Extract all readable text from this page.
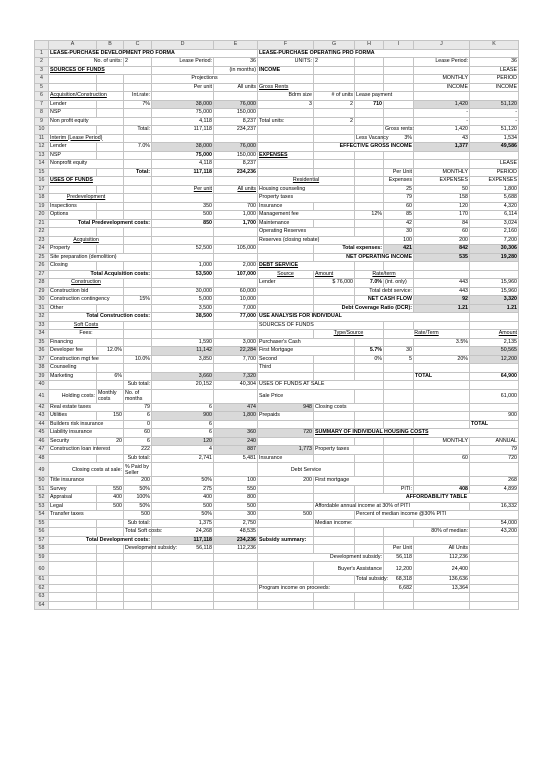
	A	B	C	D	E	F	G	H	I	J	K	
1	LEASE-PURCHASE DEVELOPMENT PRO FORMA					LEASE-PURCHASE OPERATING PRO FORMA						
2	No. of units:		2	Lease Period:	36	UNITS:	2			Lease Period:	36	
3	SOURCES OF FUNDS				(in months)	INCOME					LEASE	
4				Projections						MONTHLY	PERIOD	
5				Per unit	All units	Gross Rents				INCOME	INCOME	
6	Acquisition/Construction		Int.rate:			Bdrm size	# of units	Lease payment				
7	Lender		7%	38,000	76,000	3	2	710		1,420	51,120	
8	NSP			75,000	150,000					-	-	
9	Non profit equity			4,118	8,237	Total units:	2			-	-	
10			Total:	117,118	234,237				Gross rents:	1,420	51,120	
11	Interim (Lease Period)							Less Vacancy	3%	43	1,534	
12	Lender		7.0%	38,000	76,000		EFFECTIVE GROSS INCOME			1,377	49,586	
13	NSP			75,000	150,000	EXPENSES						
14	Nonprofit equity			4,118	8,237						LEASE	
15			Total:	117,118	234,236				Per Unit	MONTHLY	PERIOD	
16	USES OF FUNDS					Residential			Expenses	EXPENSES	EXPENSES	
17				Per unit	All units	Housing counseling			25	50	1,800	
18	Predevelopment					Property taxes			79	158	5,688	
19	Inspections			350	700	Insurance			60	120	4,320	
20	Options			500	1,000	Management fee		12%	85	170	6,114	
21	Total Predevelopment costs:			850	1,700	Maintenance			42	84	3,024	
22						Operating Reserves			30	60	2,160	
23	Acquisition					Reserves (closing rebate)			100	200	7,200	
24	Property			52,500	105,000		Total expenses:		421	842	30,306	
25	Site preparation (demolition)						NET OPERATING INCOME			535	19,280	
26	Closing			1,000	2,000	DEBT SERVICE						
27	Total Acquisition costs:			53,500	107,000	Source	Amount	Rate/term				
28	Construction					Lender	$ 76,000	7.0%	(int. only)	443	15,960	
29	Construction bid			30,000	60,000			Total debt service:		443	15,960	
30	Construction contingency		15%	5,000	10,000			NET CASH FLOW		92	3,320	
31	Other			3,500	7,000		Debt Coverage Ratio (DCR):			1.21	1.21	
32	Total Construction costs:			38,500	77,000	USE ANALYSIS FOR INDIVIDUAL						
33	Soft Costs					SOURCES OF FUNDS						
34	Fees:						Type/Source		Rate/Term		Amount	
35	Financing			1,590	3,000	Purchaser's Cash				3.5%	2,135	
36	Developer fee	12.0%		11,142	22,284	First Mortgage		5.7%	30		50,565	
37	Construction mgt fee		10.0%	3,850	7,700	Second		0%	5	20%	12,200	
38	Counseling					Third						
39	Marketing	6%		3,660	7,320					TOTAL	64,900	
40			Sub total:	20,152	40,304	USES OF FUNDS AT SALE						
41	Holding costs:	Monthly costs	No. of months			Sale Price					61,000	
42	Real estate taxes		79	6	474	948	Closing costs				
43	Utilities	150	6	900	1,800	Prepaids					900	
44	Builders risk insurance		0	6							TOTAL	
45	Liability insurance		60	6	360	720	SUMMARY OF INDIVIDUAL HOUSING COSTS					
46	Security	20	6	120	240					MONTHLY	ANNUAL	
47	Construction loan interest		222	4	887	1,773	Property taxes				79	
48			Sub total:	2,741	5,481	Insurance				60	720	
49	Closing costs at sale:		% Paid by Seller			Debt Service						
50	Title insurance		200	50%	100	200	First mortgage				268	
51	Survey	550	50%	275	550				PITI:	408	4,899	
52	Appraisal	400	100%	400	800			AFFORDABILITY TABLE				
53	Legal	500	50%	500	500		Affordable annual income at 30% of PITI				16,332	
54	Transfer taxes		500	50%	300	500		Percent of median income @30% PITI	
55			Sub total:	1,375	2,750		Median income:				54,000	
56			Total Soft costs:	24,268	48,535				80% of median:		43,200	
57	Total Development costs:			117,118	234,236	Subsidy summary:						
58			Development subsidy:	56,118	112,236				Per Unit	All Units		
59						Development subsidy:			56,118	112,236		
60							Buyer's Assistance		12,200	24,400		
61								Total subsidy:	68,318	136,636		
62						Program income on proceeds:			6,682	13,364		
63												
64												
